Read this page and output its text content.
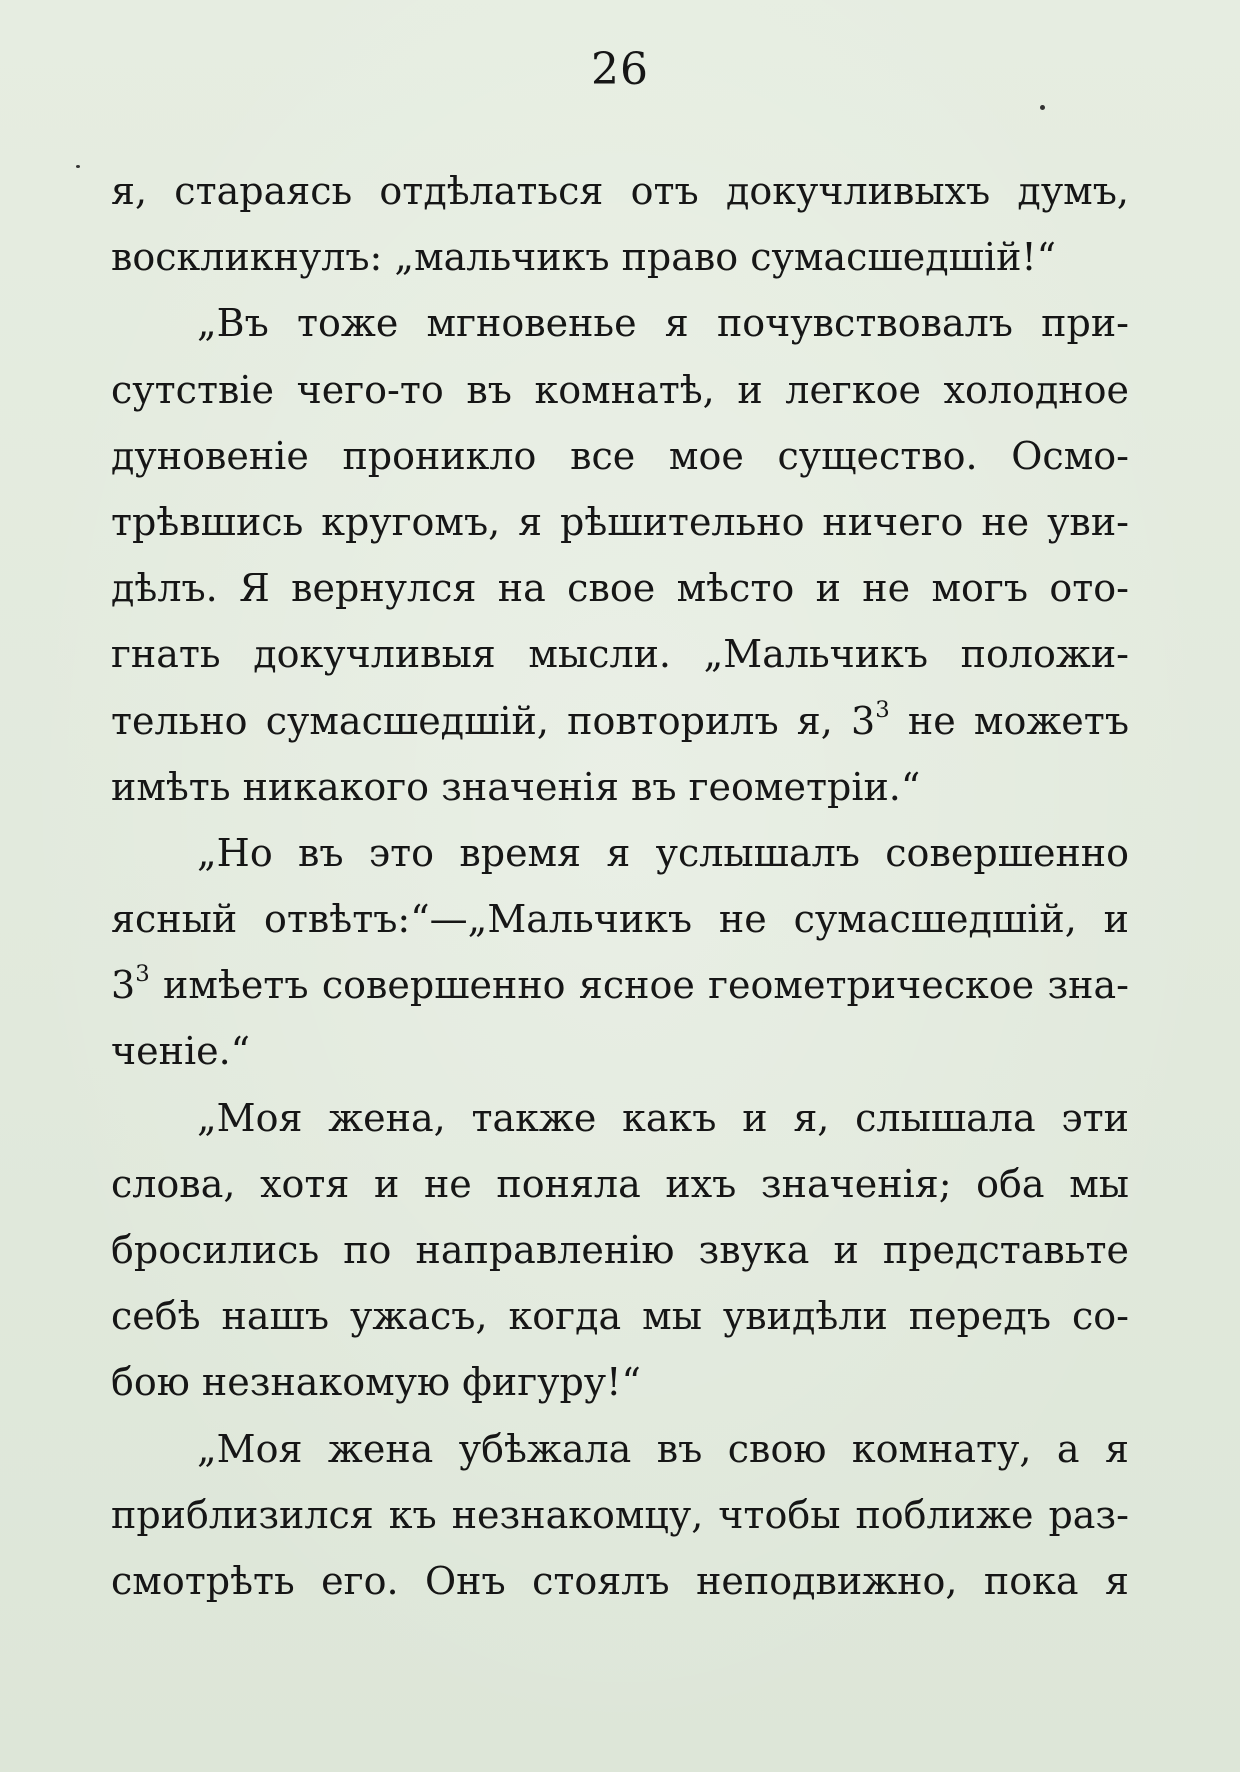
26
я, стараясь отдѣлаться отъ докучливыхъ думъ,
воскликнулъ: „мальчикъ право сумасшедшій!“
„Въ тоже мгновенье я почувствовалъ при-
сутствіе чего-то въ комнатѣ, и легкое холодное
дуновеніе проникло все мое существо. Осмо-
трѣвшись кругомъ, я рѣшительно ничего не уви-
дѣлъ. Я вернулся на свое мѣсто и не могъ ото-
гнать докучливыя мысли. „Мальчикъ положи-
тельно сумасшедшій, повторилъ я, $3^3$ не можетъ
имѣть никакого значенія въ геометріи.“
„Но въ это время я услышалъ совершенно
ясный отвѣтъ:“—„Мальчикъ не сумасшедшій, и
$3^3$ имѣетъ совершенно ясное геометрическое зна-
ченіе.“
„Моя жена, также какъ и я, слышала эти
слова, хотя и не поняла ихъ значенія; оба мы
бросились по направленію звука и представьте
себѣ нашъ ужасъ, когда мы увидѣли передъ со-
бою незнакомую фигуру!“
„Моя жена убѣжала въ свою комнату, а я
приблизился къ незнакомцу, чтобы поближе раз-
смотрѣть его. Онъ стоялъ неподвижно, пока я
